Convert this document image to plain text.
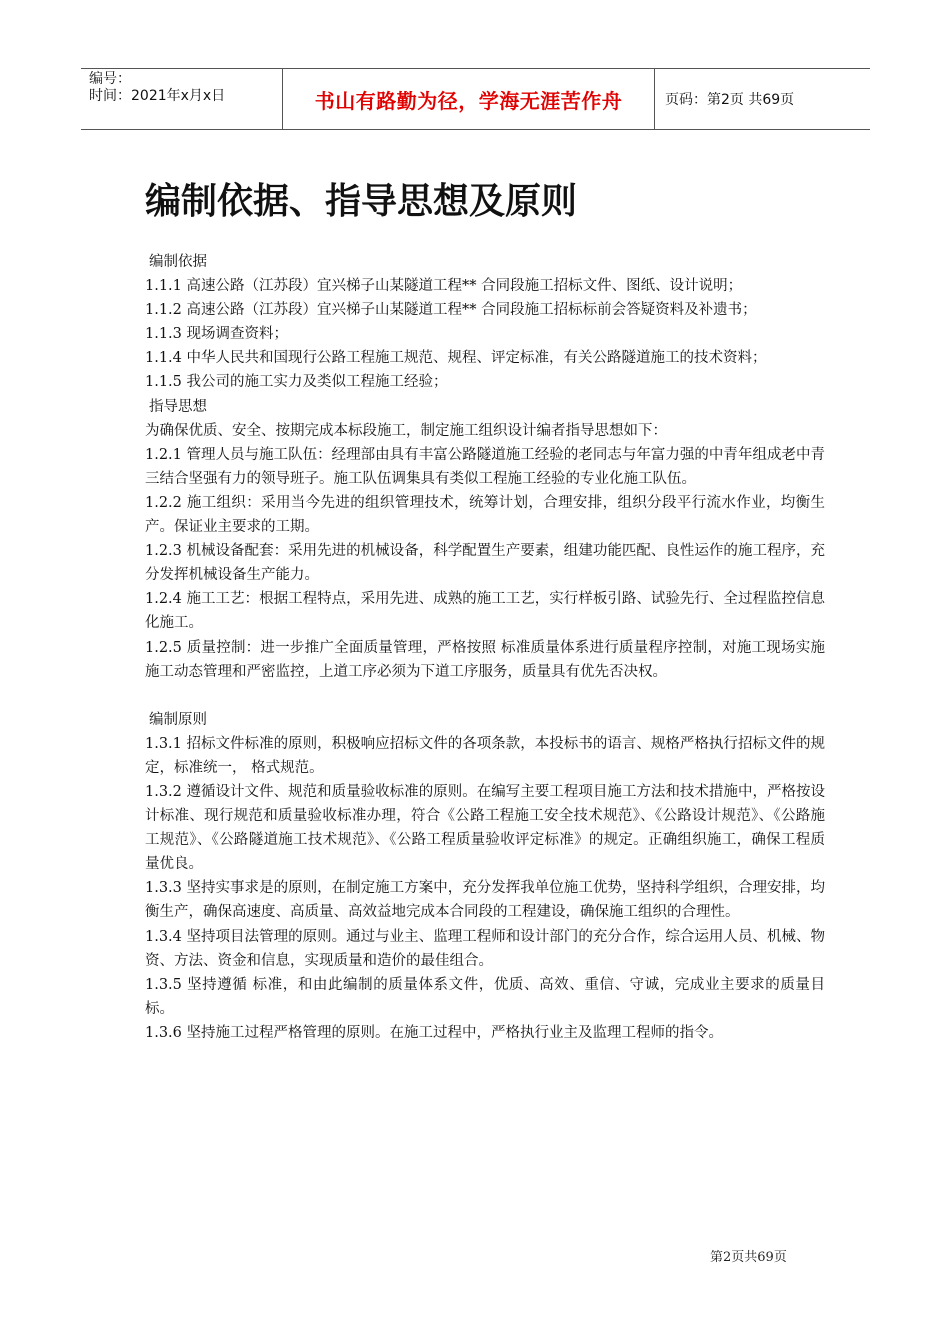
编号：
时间：2021年x月x日	书山有路勤为径，学海无涯苦作舟	页码：第2页 共69页
编制依据、指导思想及原则

编制依据

1.1.1 高速公路（江苏段）宜兴梯子山某隧道工程** 合同段施工招标文件、图纸、设计说明；

1.1.2 高速公路（江苏段）宜兴梯子山某隧道工程** 合同段施工招标标前会答疑资料及补遗书；

1.1.3 现场调查资料；

1.1.4 中华人民共和国现行公路工程施工规范、规程、评定标准，有关公路隧道施工的技术资料；

1.1.5 我公司的施工实力及类似工程施工经验；

指导思想

为确保优质、安全、按期完成本标段施工，制定施工组织设计编者指导思想如下：

1.2.1 管理人员与施工队伍：经理部由具有丰富公路隧道施工经验的老同志与年富力强的中青年组成老中青三结合坚强有力的领导班子。施工队伍调集具有类似工程施工经验的专业化施工队伍。

1.2.2 施工组织：采用当今先进的组织管理技术，统筹计划，合理安排，组织分段平行流水作业，均衡生产。保证业主要求的工期。

1.2.3 机械设备配套：采用先进的机械设备，科学配置生产要素，组建功能匹配、良性运作的施工程序，充分发挥机械设备生产能力。

1.2.4 施工工艺：根据工程特点，采用先进、成熟的施工工艺，实行样板引路、试验先行、全过程监控信息化施工。

1.2.5 质量控制：进一步推广全面质量管理，严格按照 标准质量体系进行质量程序控制，对施工现场实施施工动态管理和严密监控，上道工序必须为下道工序服务，质量具有优先否决权。

编制原则

1.3.1 招标文件标准的原则，积极响应招标文件的各项条款，本投标书的语言、规格严格执行招标文件的规定，标准统一， 格式规范。

1.3.2 遵循设计文件、规范和质量验收标准的原则。在编写主要工程项目施工方法和技术措施中，严格按设计标准、现行规范和质量验收标准办理，符合《公路工程施工安全技术规范》、《公路设计规范》、《公路施工规范》、《公路隧道施工技术规范》、《公路工程质量验收评定标准》的规定。正确组织施工，确保工程质量优良。

1.3.3 坚持实事求是的原则，在制定施工方案中，充分发挥我单位施工优势，坚持科学组织，合理安排，均衡生产，确保高速度、高质量、高效益地完成本合同段的工程建设，确保施工组织的合理性。

1.3.4 坚持项目法管理的原则。通过与业主、监理工程师和设计部门的充分合作，综合运用人员、机械、物资、方法、资金和信息，实现质量和造价的最佳组合。

1.3.5 坚持遵循 标准，和由此编制的质量体系文件，优质、高效、重信、守诚，完成业主要求的质量目标。

1.3.6 坚持施工过程严格管理的原则。在施工过程中，严格执行业主及监理工程师的指令。

第2页共69页
